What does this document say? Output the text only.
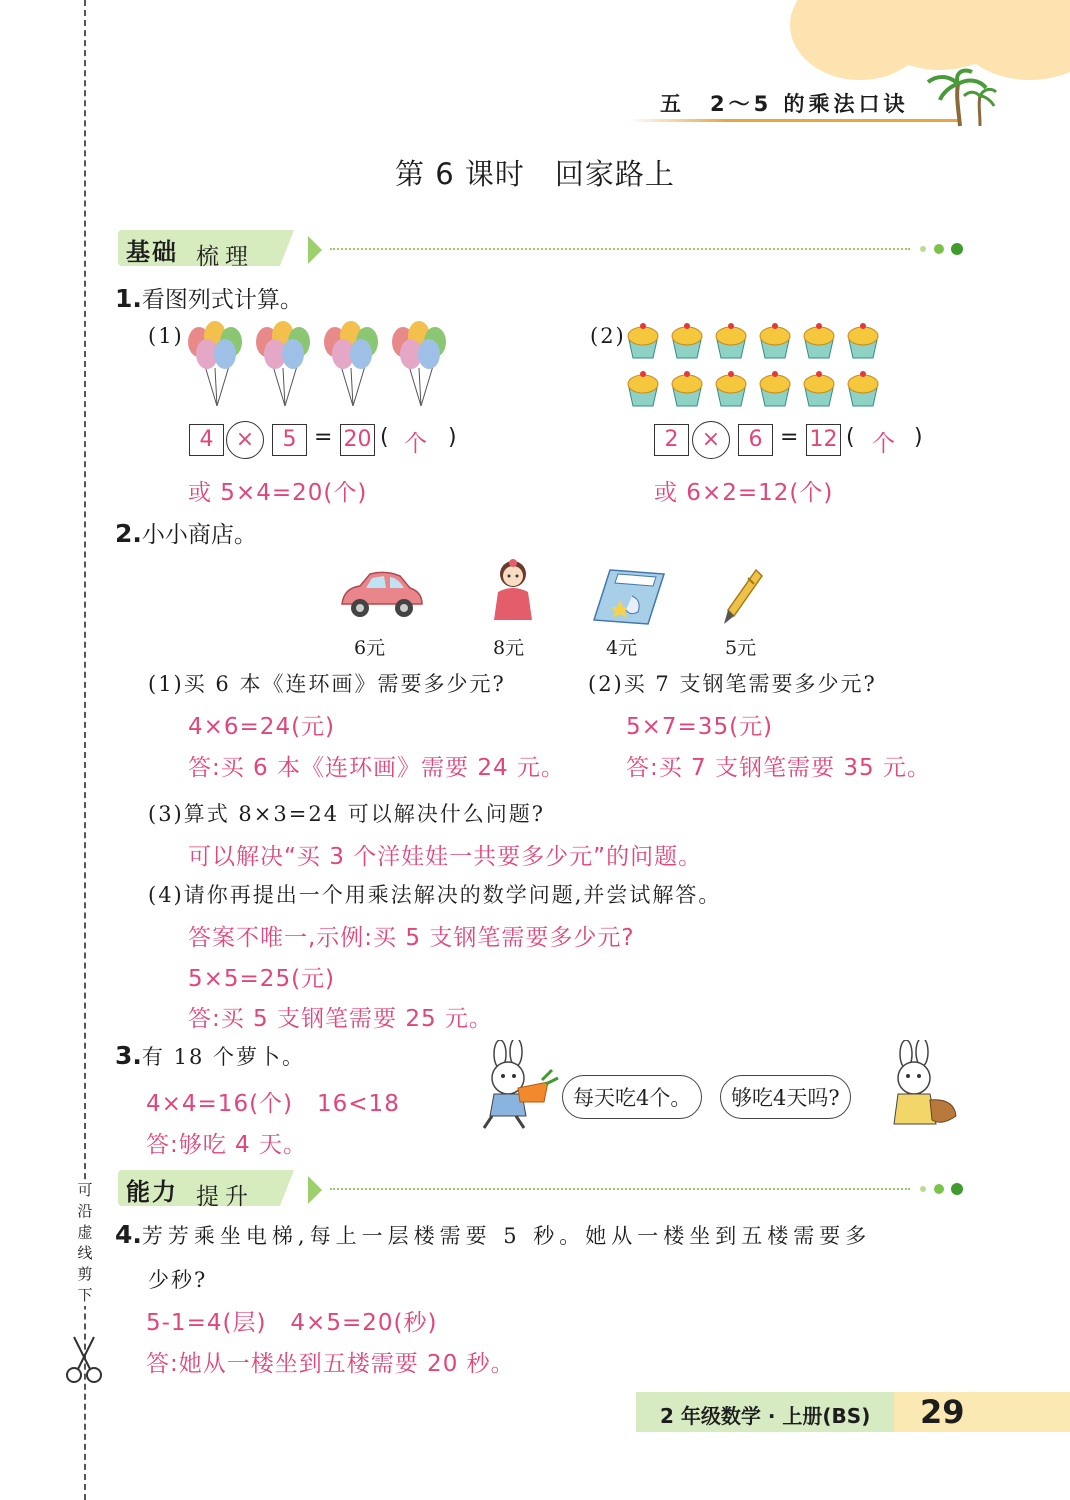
可
沿
虚
线
剪
下
五　2～5 的乘法口诀
第 6 课时　回家路上
基础 梳理
1.看图列式计算。
(1)
4	×	5 = 20 ( 个 )
或 5×4=20(个)
(2)
2	×	6 = 12 ( 个 )
或 6×2=12(个)
2.小小商店。
6元	8元	4元	5元
(1)买 6 本《连环画》需要多少元?
4×6=24(元)
答:买 6 本《连环画》需要 24 元。
(2)买 7 支钢笔需要多少元?
5×7=35(元)
答:买 7 支钢笔需要 35 元。
(3)算式 8×3=24 可以解决什么问题?
可以解决“买 3 个洋娃娃一共要多少元”的问题。
(4)请你再提出一个用乘法解决的数学问题,并尝试解答。
答案不唯一,示例:买 5 支钢笔需要多少元?
5×5=25(元)
答:买 5 支钢笔需要 25 元。
3.有 18 个萝卜。
4×4=16(个)　16<18
答:够吃 4 天。
每天吃4个。	够吃4天吗?
能力 提升
4.芳芳乘坐电梯,每上一层楼需要 5 秒。她从一楼坐到五楼需要多
少秒?
5-1=4(层)　4×5=20(秒)
答:她从一楼坐到五楼需要 20 秒。
2 年级数学 · 上册(BS) 29
